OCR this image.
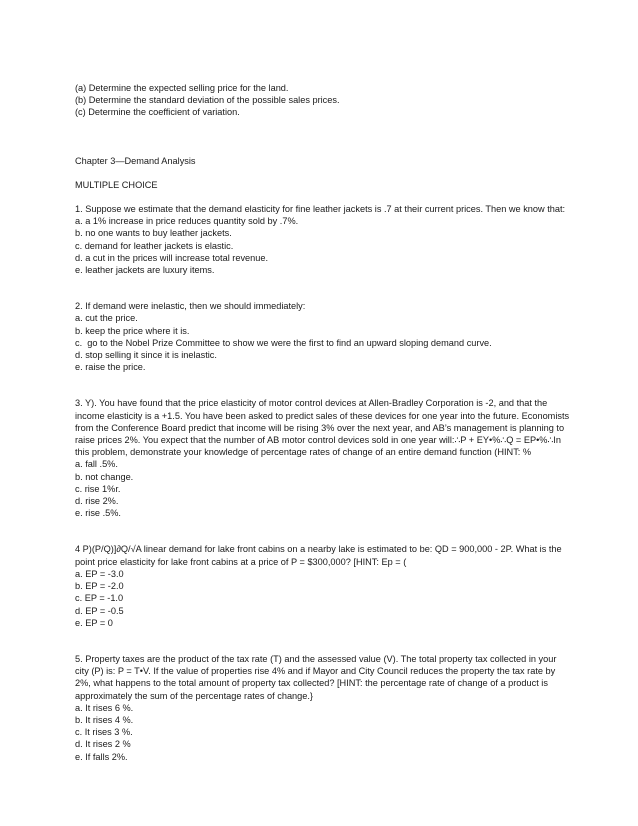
(a) Determine the expected selling price for the land.
(b) Determine the standard deviation of the possible sales prices.
(c) Determine the coefficient of variation.
Chapter 3—Demand Analysis
MULTIPLE CHOICE
1. Suppose we estimate that the demand elasticity for fine leather jackets is .7 at their current prices. Then we know that:
a. a 1% increase in price reduces quantity sold by .7%.
b. no one wants to buy leather jackets.
c. demand for leather jackets is elastic.
d. a cut in the prices will increase total revenue.
e. leather jackets are luxury items.
2. If demand were inelastic, then we should immediately:
a. cut the price.
b. keep the price where it is.
c.  go to the Nobel Prize Committee to show we were the first to find an upward sloping demand curve.
d. stop selling it since it is inelastic.
e. raise the price.
3. Y). You have found that the price elasticity of motor control devices at Allen-Bradley Corporation is -2, and that the income elasticity is a +1.5. You have been asked to predict sales of these devices for one year into the future. Economists from the Conference Board predict that income will be rising 3% over the next year, and AB’s management is planning to raise prices 2%. You expect that the number of AB motor control devices sold in one year will:∴P + EY•%∴Q = EP•%∴In this problem, demonstrate your knowledge of percentage rates of change of an entire demand function (HINT: %
a. fall .5%.
b. not change.
c. rise 1%r.
d. rise 2%.
e. rise .5%.
4 P)(P/Q)]∂Q/√A linear demand for lake front cabins on a nearby lake is estimated to be: QD = 900,000 - 2P. What is the point price elasticity for lake front cabins at a price of P = $300,000? [HINT: Ep = (
a. EP = -3.0
b. EP = -2.0
c. EP = -1.0
d. EP = -0.5
e. EP = 0
5. Property taxes are the product of the tax rate (T) and the assessed value (V). The total property tax collected in your city (P) is: P = T•V. If the value of properties rise 4% and if Mayor and City Council reduces the property the tax rate by 2%, what happens to the total amount of property tax collected? [HINT: the percentage rate of change of a product is approximately the sum of the percentage rates of change.}
a. It rises 6 %.
b. It rises 4 %.
c. It rises 3 %.
d. It rises 2 %
e. If falls 2%.
